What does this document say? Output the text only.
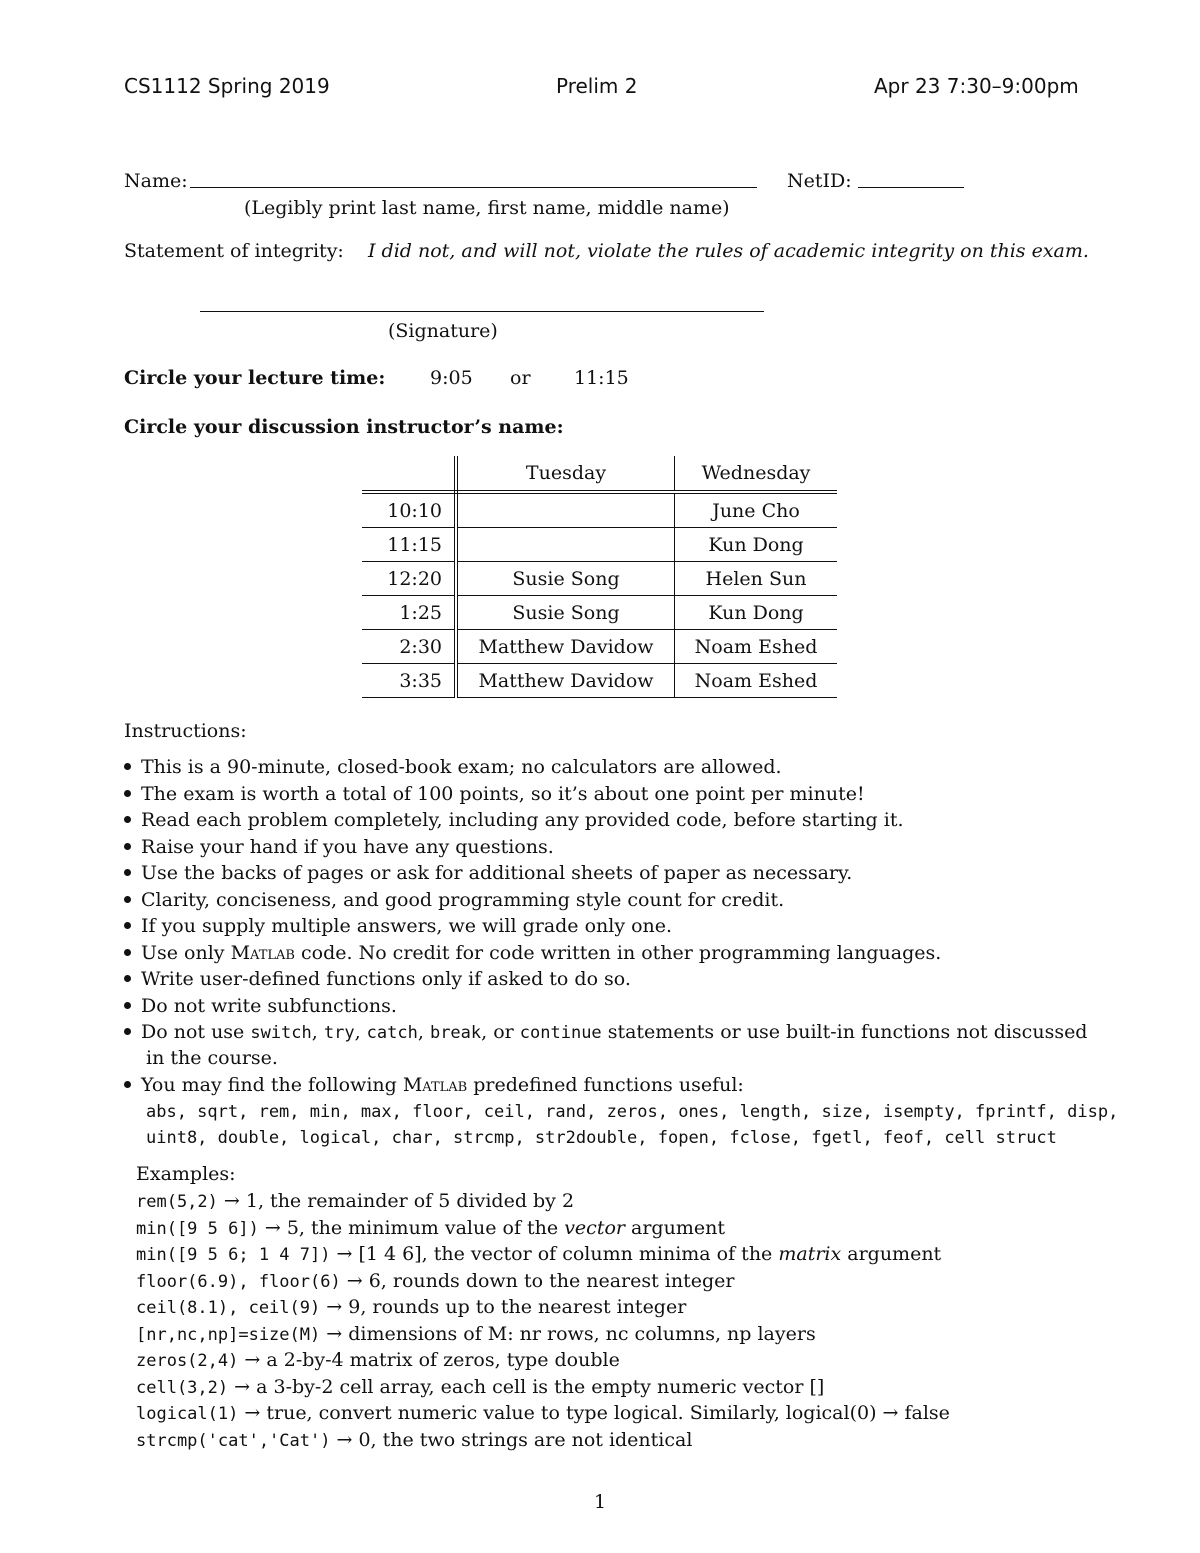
CS1112 Spring 2019	Prelim 2	Apr 23 7:30–9:00pm
Name:	NetID:
(Legibly print last name, first name, middle name)
Statement of integrity: I did not, and will not, violate the rules of academic integrity on this exam.
(Signature)
Circle your lecture time: 9:05 or 11:15
Circle your discussion instructor’s name:
	Tuesday	Wednesday
10:10		June Cho
11:15		Kun Dong
12:20	Susie Song	Helen Sun
1:25	Susie Song	Kun Dong
2:30	Matthew Davidow	Noam Eshed
3:35	Matthew Davidow	Noam Eshed
Instructions:
This is a 90-minute, closed-book exam; no calculators are allowed.
The exam is worth a total of 100 points, so it’s about one point per minute!
Read each problem completely, including any provided code, before starting it.
Raise your hand if you have any questions.
Use the backs of pages or ask for additional sheets of paper as necessary.
Clarity, conciseness, and good programming style count for credit.
If you supply multiple answers, we will grade only one.
Use only Matlab code. No credit for code written in other programming languages.
Write user-defined functions only if asked to do so.
Do not write subfunctions.
Do not use switch, try, catch, break, or continue statements or use built-in functions not discussed
in the course.
You may find the following Matlab predefined functions useful:
abs, sqrt, rem, min, max, floor, ceil, rand, zeros, ones, length, size, isempty, fprintf, disp,
uint8, double, logical, char, strcmp, str2double, fopen, fclose, fgetl, feof, cell struct
Examples:
rem(5,2) → 1, the remainder of 5 divided by 2
min([9 5 6]) → 5, the minimum value of the vector argument
min([9 5 6; 1 4 7]) → [1 4 6], the vector of column minima of the matrix argument
floor(6.9), floor(6) → 6, rounds down to the nearest integer
ceil(8.1), ceil(9) → 9, rounds up to the nearest integer
[nr,nc,np]=size(M) → dimensions of M: nr rows, nc columns, np layers
zeros(2,4) → a 2-by-4 matrix of zeros, type double
cell(3,2) → a 3-by-2 cell array, each cell is the empty numeric vector []
logical(1) → true, convert numeric value to type logical. Similarly, logical(0) → false
strcmp('cat','Cat') → 0, the two strings are not identical
1
